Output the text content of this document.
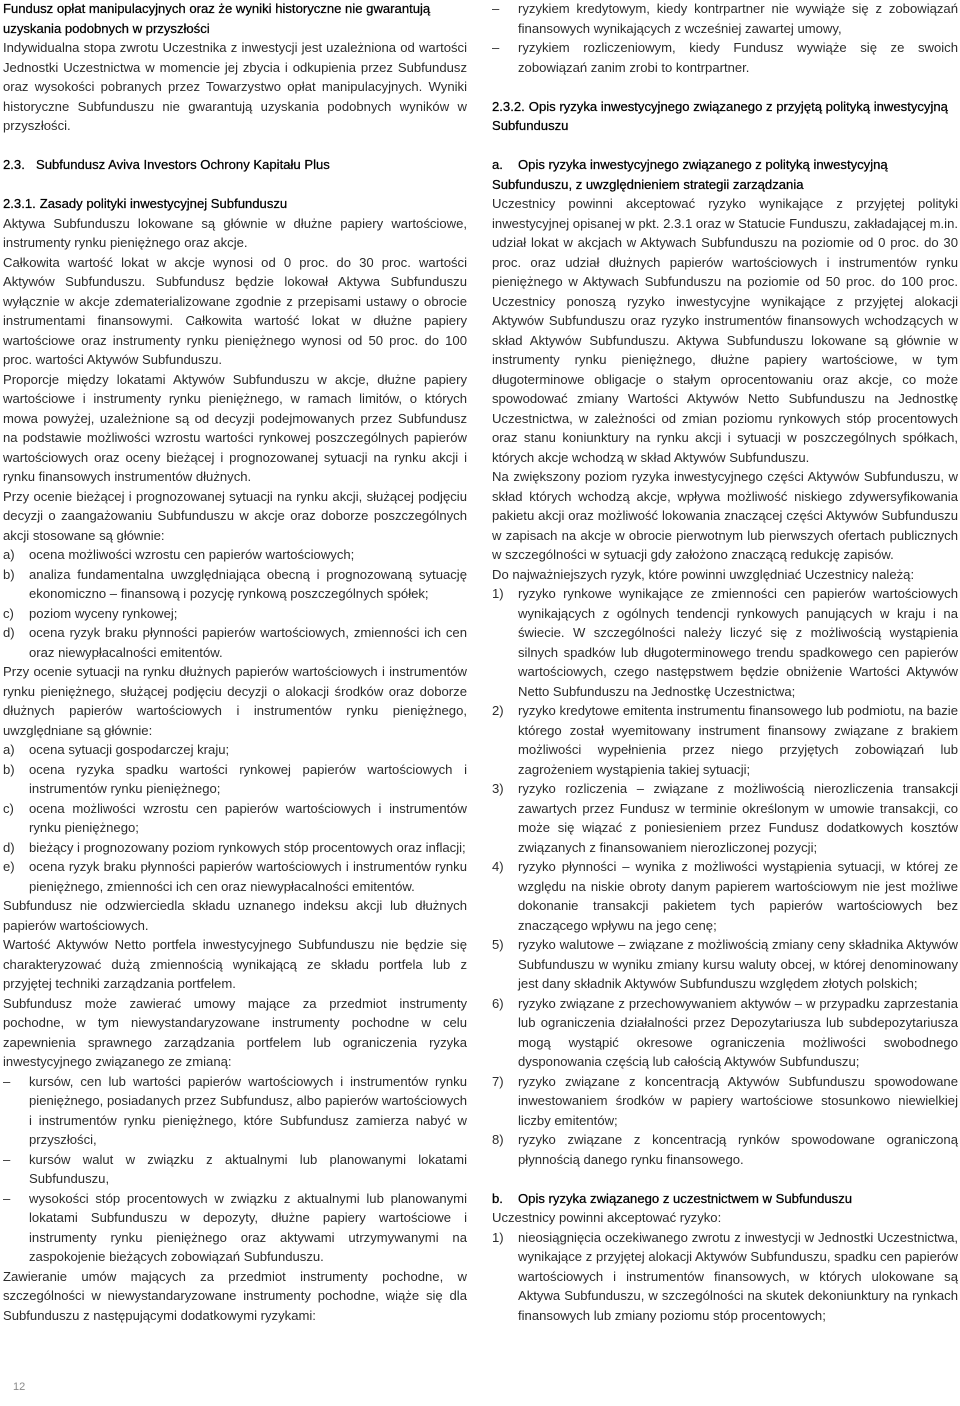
Fundusz opłat manipulacyjnych oraz że wyniki historyczne nie gwarantują uzyskania podobnych w przyszłości

Indywidualna stopa zwrotu Uczestnika z inwestycji jest uzależniona od wartości Jednostki Uczestnictwa w momencie jej zbycia i odkupienia przez Subfundusz oraz wysokości pobranych przez Towarzystwo opłat manipulacyjnych. Wyniki historyczne Subfunduszu nie gwarantują uzyskania podobnych wyników w przyszłości.

2.3. Subfundusz Aviva Investors Ochrony Kapitału Plus

2.3.1. Zasady polityki inwestycyjnej Subfunduszu

Aktywa Subfunduszu lokowane są głównie w dłużne papiery wartościowe, instrumenty rynku pieniężnego oraz akcje.

Całkowita wartość lokat w akcje wynosi od 0 proc. do 30 proc. wartości Aktywów Subfunduszu. Subfundusz będzie lokował Aktywa Subfunduszu wyłącznie w akcje zdematerializowane zgodnie z przepisami ustawy o obrocie instrumentami finansowymi. Całkowita wartość lokat w dłużne papiery wartościowe oraz instrumenty rynku pieniężnego wynosi od 50 proc. do 100 proc. wartości Aktywów Subfunduszu.

Proporcje między lokatami Aktywów Subfunduszu w akcje, dłużne papiery wartościowe i instrumenty rynku pieniężnego, w ramach limitów, o których mowa powyżej, uzależnione są od decyzji podejmowanych przez Subfundusz na podstawie możliwości wzrostu wartości rynkowej poszczególnych papierów wartościowych oraz oceny bieżącej i prognozowanej sytuacji na rynku akcji i rynku finansowych instrumentów dłużnych.

Przy ocenie bieżącej i prognozowanej sytuacji na rynku akcji, służącej podjęciu decyzji o zaangażowaniu Subfunduszu w akcje oraz doborze poszczególnych akcji stosowane są głównie:

a) ocena możliwości wzrostu cen papierów wartościowych;
b) analiza fundamentalna uwzględniająca obecną i prognozowaną sytuację ekonomiczno – finansową i pozycję rynkową poszczególnych spółek;
c) poziom wyceny rynkowej;
d) ocena ryzyk braku płynności papierów wartościowych, zmienności ich cen oraz niewypłacalności emitentów.

Przy ocenie sytuacji na rynku dłużnych papierów wartościowych i instrumentów rynku pieniężnego, służącej podjęciu decyzji o alokacji środków oraz doborze dłużnych papierów wartościowych i instrumentów rynku pieniężnego, uwzględniane są głównie:

a) ocena sytuacji gospodarczej kraju;
b) ocena ryzyka spadku wartości rynkowej papierów wartościowych i instrumentów rynku pieniężnego;
c) ocena możliwości wzrostu cen papierów wartościowych i instrumentów rynku pieniężnego;
d) bieżący i prognozowany poziom rynkowych stóp procentowych oraz inflacji;
e) ocena ryzyk braku płynności papierów wartościowych i instrumentów rynku pieniężnego, zmienności ich cen oraz niewypłacalności emitentów.

Subfundusz nie odzwierciedla składu uznanego indeksu akcji lub dłużnych papierów wartościowych.

Wartość Aktywów Netto portfela inwestycyjnego Subfunduszu nie będzie się charakteryzować dużą zmiennością wynikającą ze składu portfela lub z przyjętej techniki zarządzania portfelem.

Subfundusz może zawierać umowy mające za przedmiot instrumenty pochodne, w tym niewystandaryzowane instrumenty pochodne w celu zapewnienia sprawnego zarządzania portfelem lub ograniczenia ryzyka inwestycyjnego związanego ze zmianą:

– kursów, cen lub wartości papierów wartościowych i instrumentów rynku pieniężnego, posiadanych przez Subfundusz, albo papierów wartościowych i instrumentów rynku pieniężnego, które Subfundusz zamierza nabyć w przyszłości,
– kursów walut w związku z aktualnymi lub planowanymi lokatami Subfunduszu,
– wysokości stóp procentowych w związku z aktualnymi lub planowanymi lokatami Subfunduszu w depozyty, dłużne papiery wartościowe i instrumenty rynku pieniężnego oraz aktywami utrzymywanymi na zaspokojenie bieżących zobowiązań Subfunduszu.

Zawieranie umów mających za przedmiot instrumenty pochodne, w szczególności w niewystandaryzowane instrumenty pochodne, wiąże się dla Subfunduszu z następującymi dodatkowymi ryzykami:

– ryzykiem kredytowym, kiedy kontrpartner nie wywiąże się z zobowiązań finansowych wynikających z wcześniej zawartej umowy,
– ryzykiem rozliczeniowym, kiedy Fundusz wywiąże się ze swoich zobowiązań zanim zrobi to kontrpartner.

2.3.2. Opis ryzyka inwestycyjnego związanego z przyjętą polityką inwestycyjną Subfunduszu

a. Opis ryzyka inwestycyjnego związanego z polityką inwestycyjną Subfunduszu, z uwzględnieniem strategii zarządzania

Uczestnicy powinni akceptować ryzyko wynikające z przyjętej polityki inwestycyjnej opisanej w pkt. 2.3.1 oraz w Statucie Funduszu, zakładającej m.in. udział lokat w akcjach w Aktywach Subfunduszu na poziomie od 0 proc. do 30 proc. oraz udział dłużnych papierów wartościowych i instrumentów rynku pieniężnego w Aktywach Subfunduszu na poziomie od 50 proc. do 100 proc. Uczestnicy ponoszą ryzyko inwestycyjne wynikające z przyjętej alokacji Aktywów Subfunduszu oraz ryzyko instrumentów finansowych wchodzących w skład Aktywów Subfunduszu. Aktywa Subfunduszu lokowane są głównie w instrumenty rynku pieniężnego, dłużne papiery wartościowe, w tym długoterminowe obligacje o stałym oprocentowaniu oraz akcje, co może spowodować zmiany Wartości Aktywów Netto Subfunduszu na Jednostkę Uczestnictwa, w zależności od zmian poziomu rynkowych stóp procentowych oraz stanu koniunktury na rynku akcji i sytuacji w poszczególnych spółkach, których akcje wchodzą w skład Aktywów Subfunduszu.

Na zwiększony poziom ryzyka inwestycyjnego części Aktywów Subfunduszu, w skład których wchodzą akcje, wpływa możliwość niskiego zdywersyfikowania pakietu akcji oraz możliwość lokowania znaczącej części Aktywów Subfunduszu w zapisach na akcje w obrocie pierwotnym lub pierwszych ofertach publicznych w szczególności w sytuacji gdy założono znaczącą redukcję zapisów.

Do najważniejszych ryzyk, które powinni uwzględniać Uczestnicy należą:

1) ryzyko rynkowe wynikające ze zmienności cen papierów wartościowych wynikających z ogólnych tendencji rynkowych panujących w kraju i na świecie. W szczególności należy liczyć się z możliwością wystąpienia silnych spadków lub długoterminowego trendu spadkowego cen papierów wartościowych, czego następstwem będzie obniżenie Wartości Aktywów Netto Subfunduszu na Jednostkę Uczestnictwa;
2) ryzyko kredytowe emitenta instrumentu finansowego lub podmiotu, na bazie którego został wyemitowany instrument finansowy związane z brakiem możliwości wypełnienia przez niego przyjętych zobowiązań lub zagrożeniem wystąpienia takiej sytuacji;
3) ryzyko rozliczenia – związane z możliwością nierozliczenia transakcji zawartych przez Fundusz w terminie określonym w umowie transakcji, co może się wiązać z poniesieniem przez Fundusz dodatkowych kosztów związanych z finansowaniem nierozliczonej pozycji;
4) ryzyko płynności – wynika z możliwości wystąpienia sytuacji, w której ze względu na niskie obroty danym papierem wartościowym nie jest możliwe dokonanie transakcji pakietem tych papierów wartościowych bez znaczącego wpływu na jego cenę;
5) ryzyko walutowe – związane z możliwością zmiany ceny składnika Aktywów Subfunduszu w wyniku zmiany kursu waluty obcej, w której denominowany jest dany składnik Aktywów Subfunduszu względem złotych polskich;
6) ryzyko związane z przechowywaniem aktywów – w przypadku zaprzestania lub ograniczenia działalności przez Depozytariusza lub subdepozytariusza mogą wystąpić okresowe ograniczenia możliwości swobodnego dysponowania częścią lub całością Aktywów Subfunduszu;
7) ryzyko związane z koncentracją Aktywów Subfunduszu spowodowane inwestowaniem środków w papiery wartościowe stosunkowo niewielkiej liczby emitentów;
8) ryzyko związane z koncentracją rynków spowodowane ograniczoną płynnością danego rynku finansowego.

b. Opis ryzyka związanego z uczestnictwem w Subfunduszu

Uczestnicy powinni akceptować ryzyko:

1) nieosiągnięcia oczekiwanego zwrotu z inwestycji w Jednostki Uczestnictwa, wynikające z przyjętej alokacji Aktywów Subfunduszu, spadku cen papierów wartościowych i instrumentów finansowych, w których ulokowane są Aktywa Subfunduszu, w szczególności na skutek dekoniunktury na rynkach finansowych lub zmiany poziomu stóp procentowych;
12
